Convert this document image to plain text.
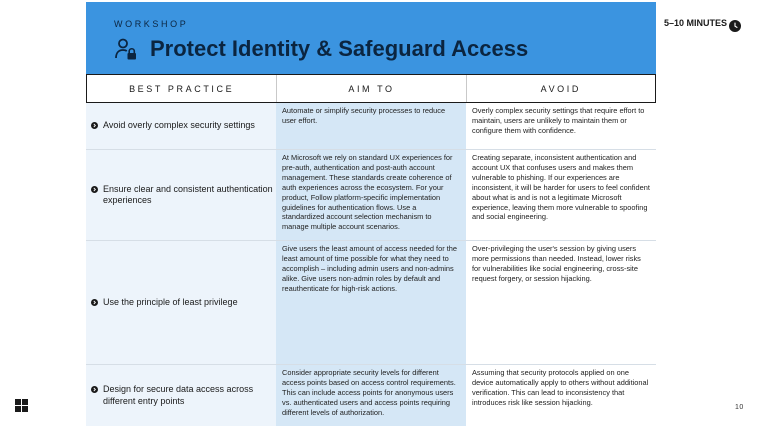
WORKSHOP
Protect Identity & Safeguard Access
5–10 MINUTES
BEST PRACTICE	AIM TO	AVOID
Avoid overly complex security settings
Automate or simplify security processes to reduce user effort.
Overly complex security settings that require effort to maintain, users are unlikely to maintain them or configure them with confidence.
Ensure clear and consistent authentication experiences
At Microsoft we rely on standard UX experiences for pre-auth, authentication and post-auth account management. These standards create coherence of auth experiences across the ecosystem. For your product, Follow platform-specific implementation guidelines for authentication flows. Use a standardized account selection mechanism to manage multiple account scenarios.
Creating separate, inconsistent authentication and account UX that confuses users and makes them vulnerable to phishing. If our experiences are inconsistent, it will be harder for users to feel confident about what is and is not a legitimate Microsoft experience, leaving them more vulnerable to spoofing and social engineering.
Use the principle of least privilege
Give users the least amount of access needed for the least amount of time possible for what they need to accomplish – including admin users and non-admins alike. Give users non-admin roles by default and reauthenticate for high-risk actions.
Over-privileging the user's session by giving users more permissions than needed. Instead, lower risks for vulnerabilities like social engineering, cross-site request forgery, or session hijacking.
Design for secure data access across different entry points
Consider appropriate security levels for different access points based on access control requirements. This can include access points for anonymous users vs. authenticated users and access points requiring different levels of authorization.
Assuming that security protocols applied on one device automatically apply to others without additional verification. This can lead to inconsistency that introduces risk like session hijacking.
10
